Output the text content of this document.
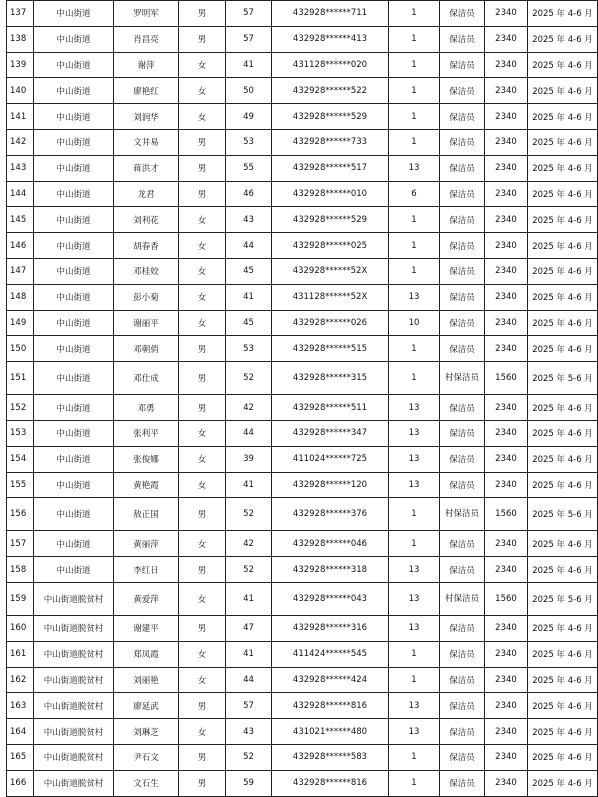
137	中山街道	罗明军	男	57	432928******711	1	保洁员	2340	2025 年 4-6 月
138	中山街道	肖昌亮	男	57	432928******413	1	保洁员	2340	2025 年 4-6 月
139	中山街道	谢萍	女	41	431128******020	1	保洁员	2340	2025 年 4-6 月
140	中山街道	廖艳红	女	50	432928******522	1	保洁员	2340	2025 年 4-6 月
141	中山街道	刘润华	女	49	432928******529	1	保洁员	2340	2025 年 4-6 月
142	中山街道	文井易	男	53	432928******733	1	保洁员	2340	2025 年 4-6 月
143	中山街道	蒋洪才	男	55	432928******517	13	保洁员	2340	2025 年 4-6 月
144	中山街道	龙君	男	46	432928******010	6	保洁员	2340	2025 年 4-6 月
145	中山街道	刘利花	女	43	432928******529	1	保洁员	2340	2025 年 4-6 月
146	中山街道	胡春香	女	44	432928******025	1	保洁员	2340	2025 年 4-6 月
147	中山街道	邓桂姣	女	45	432928******52X	1	保洁员	2340	2025 年 4-6 月
148	中山街道	彭小菊	女	41	431128******52X	13	保洁员	2340	2025 年 4-6 月
149	中山街道	谢丽平	女	45	432928******026	10	保洁员	2340	2025 年 4-6 月
150	中山街道	邓朝俏	男	53	432928******515	1	保洁员	2340	2025 年 4-6 月
151	中山街道	邓仕成	男	52	432928******315	1	村保洁员	1560	2025 年 5-6 月
152	中山街道	邓勇	男	42	432928******511	13	保洁员	2340	2025 年 4-6 月
153	中山街道	张利平	女	44	432928******347	13	保洁员	2340	2025 年 4-6 月
154	中山街道	张俊娜	女	39	411024******725	13	保洁员	2340	2025 年 4-6 月
155	中山街道	黄艳霞	女	41	432928******120	13	保洁员	2340	2025 年 4-6 月
156	中山街道	敖正国	男	52	432928******376	1	村保洁员	1560	2025 年 5-6 月
157	中山街道	黄丽萍	女	42	432928******046	1	保洁员	2340	2025 年 4-6 月
158	中山街道	李红日	男	52	432928******318	13	保洁员	2340	2025 年 4-6 月
159	中山街道脱贫村	黄爱萍	女	41	432928******043	13	村保洁员	1560	2025 年 5-6 月
160	中山街道脱贫村	谢建平	男	47	432928******316	13	保洁员	2340	2025 年 4-6 月
161	中山街道脱贫村	郑凤霞	女	41	411424******545	1	保洁员	2340	2025 年 4-6 月
162	中山街道脱贫村	刘丽艳	女	44	432928******424	1	保洁员	2340	2025 年 4-6 月
163	中山街道脱贫村	廖延武	男	57	432928******816	13	保洁员	2340	2025 年 4-6 月
164	中山街道脱贫村	刘琳芝	女	43	431021******480	13	保洁员	2340	2025 年 4-6 月
165	中山街道脱贫村	尹石文	男	52	432928******583	1	保洁员	2340	2025 年 4-6 月
166	中山街道脱贫村	文石生	男	59	432928******816	1	保洁员	2340	2025 年 4-6 月
